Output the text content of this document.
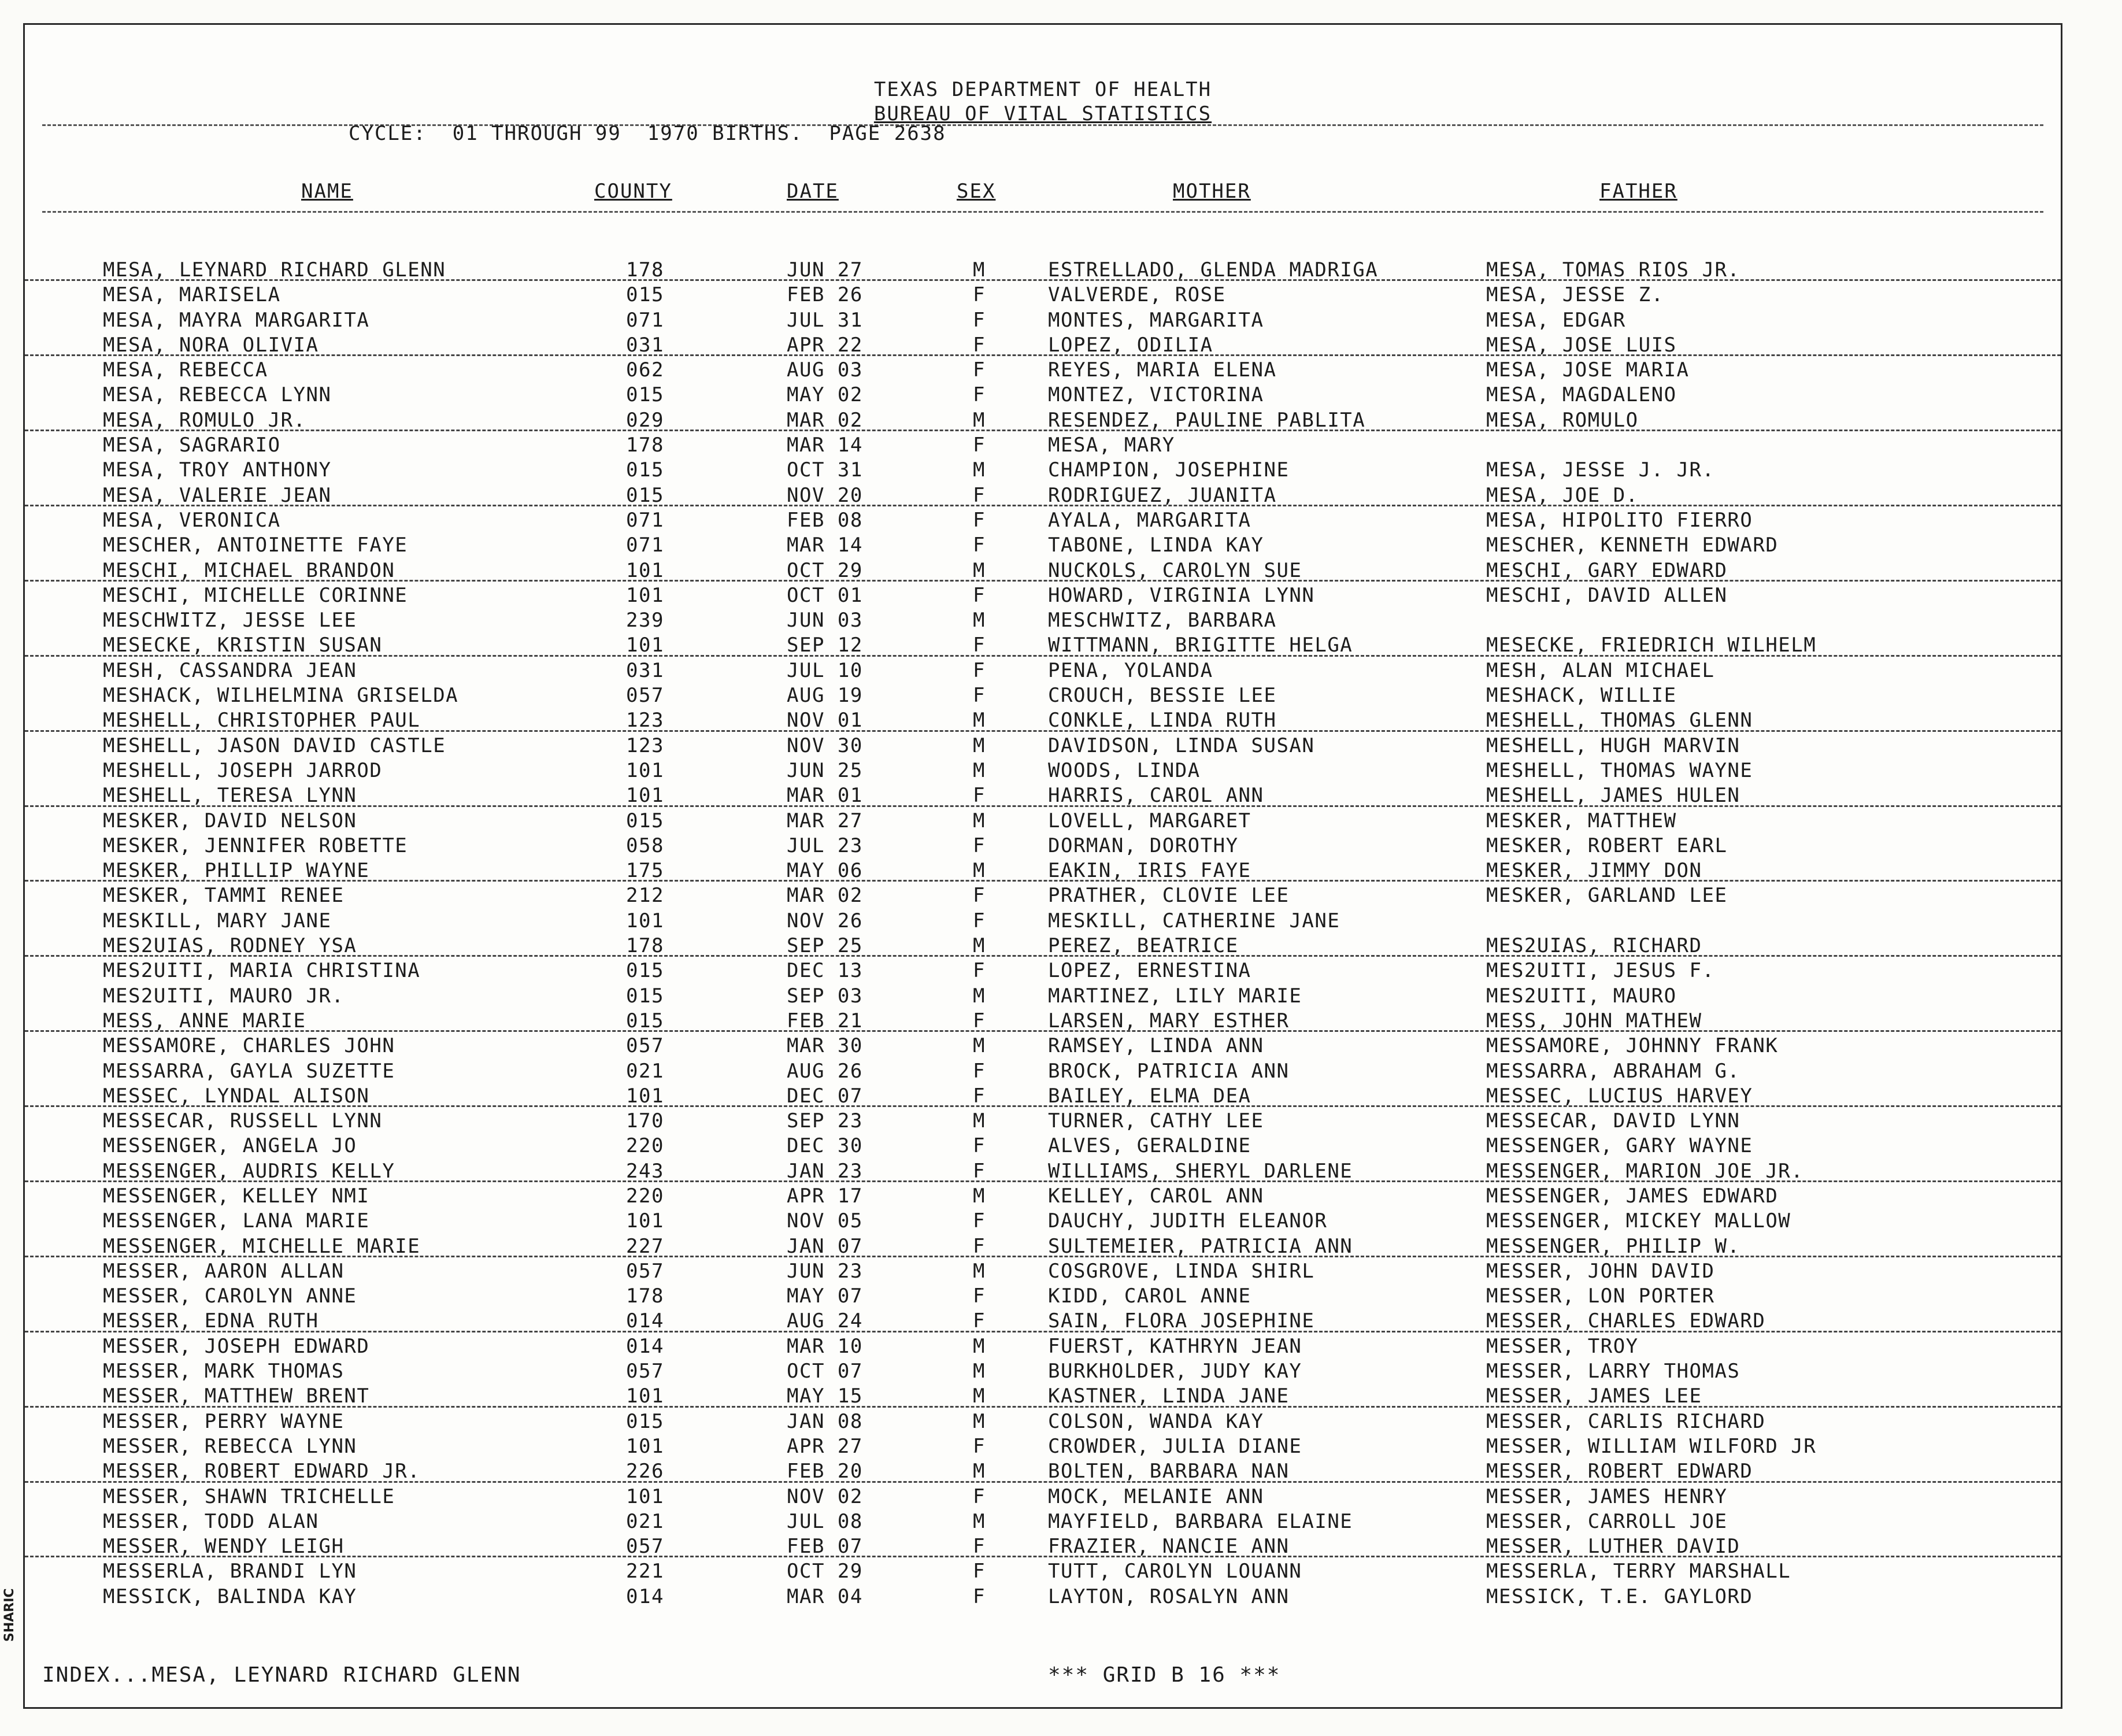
SHARIC
TEXAS DEPARTMENT OF HEALTH
BUREAU OF VITAL STATISTICS
CYCLE:  01 THROUGH 99  1970 BIRTHS.  PAGE 2638
NAME	COUNTY	DATE	SEX	MOTHER	FATHER
MESA, LEYNARD RICHARD GLENN	178	JUN 27	M	ESTRELLADO, GLENDA MADRIGA	MESA, TOMAS RIOS JR.
MESA, MARISELA	015	FEB 26	F	VALVERDE, ROSE	MESA, JESSE Z.
MESA, MAYRA MARGARITA	071	JUL 31	F	MONTES, MARGARITA	MESA, EDGAR
MESA, NORA OLIVIA	031	APR 22	F	LOPEZ, ODILIA	MESA, JOSE LUIS
MESA, REBECCA	062	AUG 03	F	REYES, MARIA ELENA	MESA, JOSE MARIA
MESA, REBECCA LYNN	015	MAY 02	F	MONTEZ, VICTORINA	MESA, MAGDALENO
MESA, ROMULO JR.	029	MAR 02	M	RESENDEZ, PAULINE PABLITA	MESA, ROMULO
MESA, SAGRARIO	178	MAR 14	F	MESA, MARY
MESA, TROY ANTHONY	015	OCT 31	M	CHAMPION, JOSEPHINE	MESA, JESSE J. JR.
MESA, VALERIE JEAN	015	NOV 20	F	RODRIGUEZ, JUANITA	MESA, JOE D.
MESA, VERONICA	071	FEB 08	F	AYALA, MARGARITA	MESA, HIPOLITO FIERRO
MESCHER, ANTOINETTE FAYE	071	MAR 14	F	TABONE, LINDA KAY	MESCHER, KENNETH EDWARD
MESCHI, MICHAEL BRANDON	101	OCT 29	M	NUCKOLS, CAROLYN SUE	MESCHI, GARY EDWARD
MESCHI, MICHELLE CORINNE	101	OCT 01	F	HOWARD, VIRGINIA LYNN	MESCHI, DAVID ALLEN
MESCHWITZ, JESSE LEE	239	JUN 03	M	MESCHWITZ, BARBARA
MESECKE, KRISTIN SUSAN	101	SEP 12	F	WITTMANN, BRIGITTE HELGA	MESECKE, FRIEDRICH WILHELM
MESH, CASSANDRA JEAN	031	JUL 10	F	PENA, YOLANDA	MESH, ALAN MICHAEL
MESHACK, WILHELMINA GRISELDA	057	AUG 19	F	CROUCH, BESSIE LEE	MESHACK, WILLIE
MESHELL, CHRISTOPHER PAUL	123	NOV 01	M	CONKLE, LINDA RUTH	MESHELL, THOMAS GLENN
MESHELL, JASON DAVID CASTLE	123	NOV 30	M	DAVIDSON, LINDA SUSAN	MESHELL, HUGH MARVIN
MESHELL, JOSEPH JARROD	101	JUN 25	M	WOODS, LINDA	MESHELL, THOMAS WAYNE
MESHELL, TERESA LYNN	101	MAR 01	F	HARRIS, CAROL ANN	MESHELL, JAMES HULEN
MESKER, DAVID NELSON	015	MAR 27	M	LOVELL, MARGARET	MESKER, MATTHEW
MESKER, JENNIFER ROBETTE	058	JUL 23	F	DORMAN, DOROTHY	MESKER, ROBERT EARL
MESKER, PHILLIP WAYNE	175	MAY 06	M	EAKIN, IRIS FAYE	MESKER, JIMMY DON
MESKER, TAMMI RENEE	212	MAR 02	F	PRATHER, CLOVIE LEE	MESKER, GARLAND LEE
MESKILL, MARY JANE	101	NOV 26	F	MESKILL, CATHERINE JANE
MES2UIAS, RODNEY YSA	178	SEP 25	M	PEREZ, BEATRICE	MES2UIAS, RICHARD
MES2UITI, MARIA CHRISTINA	015	DEC 13	F	LOPEZ, ERNESTINA	MES2UITI, JESUS F.
MES2UITI, MAURO JR.	015	SEP 03	M	MARTINEZ, LILY MARIE	MES2UITI, MAURO
MESS, ANNE MARIE	015	FEB 21	F	LARSEN, MARY ESTHER	MESS, JOHN MATHEW
MESSAMORE, CHARLES JOHN	057	MAR 30	M	RAMSEY, LINDA ANN	MESSAMORE, JOHNNY FRANK
MESSARRA, GAYLA SUZETTE	021	AUG 26	F	BROCK, PATRICIA ANN	MESSARRA, ABRAHAM G.
MESSEC, LYNDAL ALISON	101	DEC 07	F	BAILEY, ELMA DEA	MESSEC, LUCIUS HARVEY
MESSECAR, RUSSELL LYNN	170	SEP 23	M	TURNER, CATHY LEE	MESSECAR, DAVID LYNN
MESSENGER, ANGELA JO	220	DEC 30	F	ALVES, GERALDINE	MESSENGER, GARY WAYNE
MESSENGER, AUDRIS KELLY	243	JAN 23	F	WILLIAMS, SHERYL DARLENE	MESSENGER, MARION JOE JR.
MESSENGER, KELLEY NMI	220	APR 17	M	KELLEY, CAROL ANN	MESSENGER, JAMES EDWARD
MESSENGER, LANA MARIE	101	NOV 05	F	DAUCHY, JUDITH ELEANOR	MESSENGER, MICKEY MALLOW
MESSENGER, MICHELLE MARIE	227	JAN 07	F	SULTEMEIER, PATRICIA ANN	MESSENGER, PHILIP W.
MESSER, AARON ALLAN	057	JUN 23	M	COSGROVE, LINDA SHIRL	MESSER, JOHN DAVID
MESSER, CAROLYN ANNE	178	MAY 07	F	KIDD, CAROL ANNE	MESSER, LON PORTER
MESSER, EDNA RUTH	014	AUG 24	F	SAIN, FLORA JOSEPHINE	MESSER, CHARLES EDWARD
MESSER, JOSEPH EDWARD	014	MAR 10	M	FUERST, KATHRYN JEAN	MESSER, TROY
MESSER, MARK THOMAS	057	OCT 07	M	BURKHOLDER, JUDY KAY	MESSER, LARRY THOMAS
MESSER, MATTHEW BRENT	101	MAY 15	M	KASTNER, LINDA JANE	MESSER, JAMES LEE
MESSER, PERRY WAYNE	015	JAN 08	M	COLSON, WANDA KAY	MESSER, CARLIS RICHARD
MESSER, REBECCA LYNN	101	APR 27	F	CROWDER, JULIA DIANE	MESSER, WILLIAM WILFORD JR
MESSER, ROBERT EDWARD JR.	226	FEB 20	M	BOLTEN, BARBARA NAN	MESSER, ROBERT EDWARD
MESSER, SHAWN TRICHELLE	101	NOV 02	F	MOCK, MELANIE ANN	MESSER, JAMES HENRY
MESSER, TODD ALAN	021	JUL 08	M	MAYFIELD, BARBARA ELAINE	MESSER, CARROLL JOE
MESSER, WENDY LEIGH	057	FEB 07	F	FRAZIER, NANCIE ANN	MESSER, LUTHER DAVID
MESSERLA, BRANDI LYN	221	OCT 29	F	TUTT, CAROLYN LOUANN	MESSERLA, TERRY MARSHALL
MESSICK, BALINDA KAY	014	MAR 04	F	LAYTON, ROSALYN ANN	MESSICK, T.E. GAYLORD
INDEX...MESA, LEYNARD RICHARD GLENN	*** GRID B 16 ***
